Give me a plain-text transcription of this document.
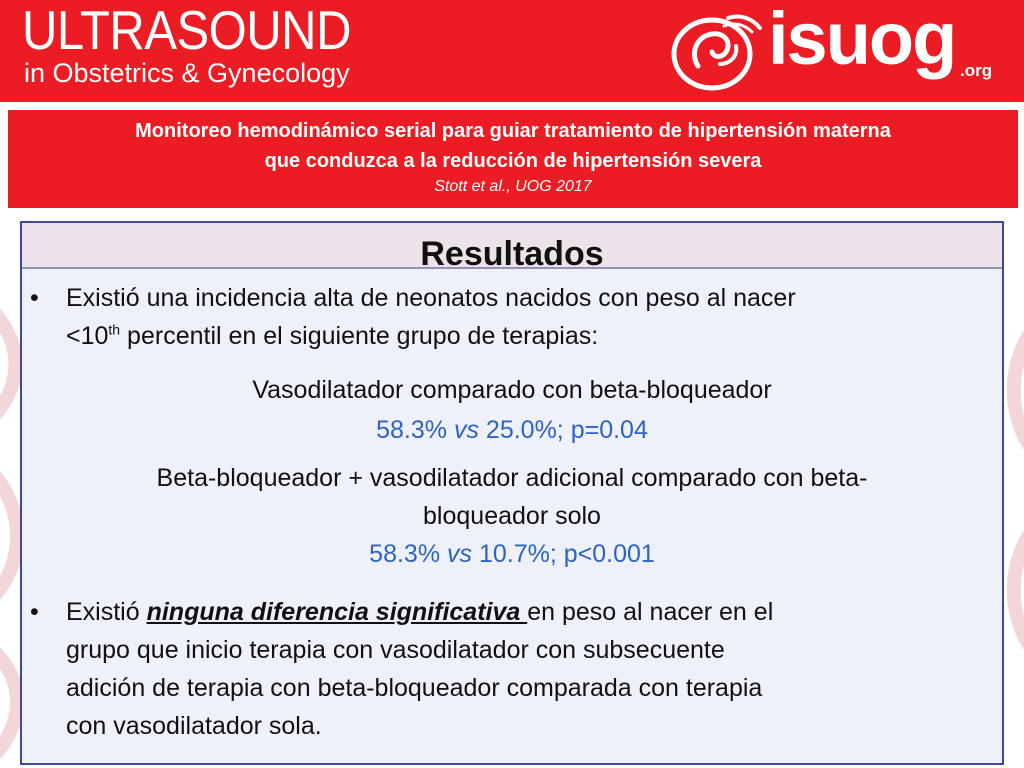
ULTRASOUND
in Obstetrics & Gynecology	isuog .org
Monitoreo hemodinámico serial para guiar tratamiento de hipertensión materna
que conduzca a la reducción de hipertensión severa
Stott et al., UOG 2017
Resultados
• Existió una incidencia alta de neonatos nacidos con peso al nacer
<10th percentil en el siguiente grupo de terapias:
Vasodilatador comparado con beta-bloqueador
58.3% vs 25.0%; p=0.04
Beta-bloqueador + vasodilatador adicional comparado con beta-
bloqueador solo
58.3% vs 10.7%; p<0.001
• Existió ninguna diferencia significativa en peso al nacer en el
grupo que inicio terapia con vasodilatador con subsecuente
adición de terapia con beta-bloqueador comparada con terapia
con vasodilatador sola.
